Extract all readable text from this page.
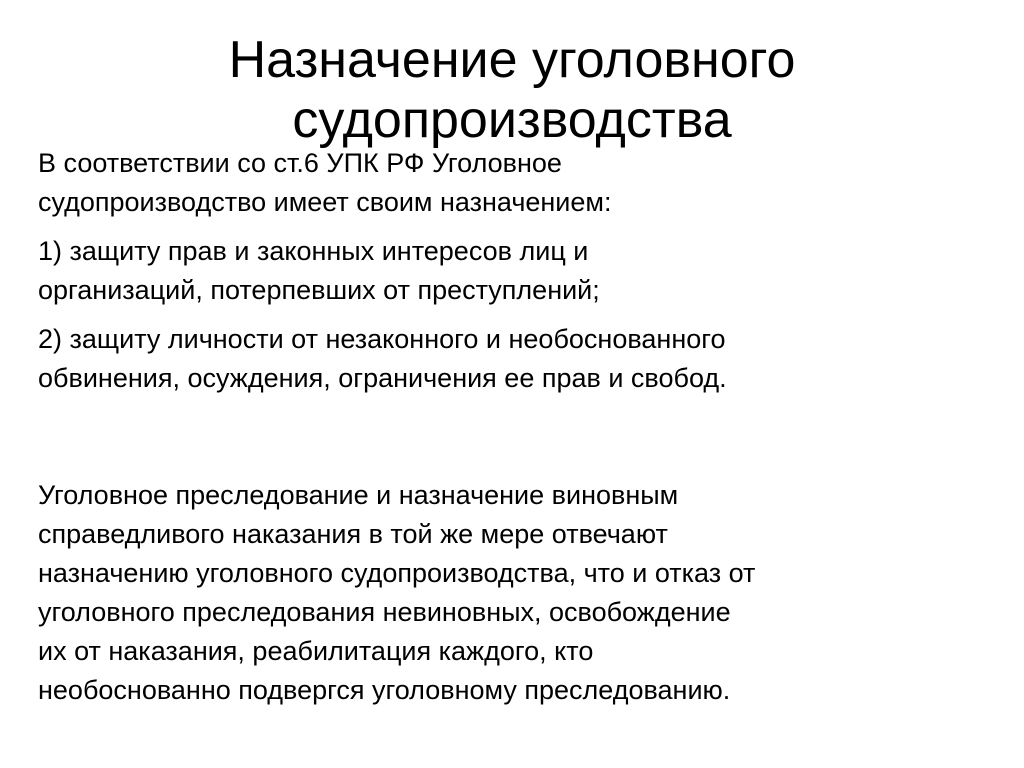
Назначение уголовного
судопроизводства

В соответствии со ст.6 УПК РФ Уголовное
судопроизводство имеет своим назначением:

1) защиту прав и законных интересов лиц и
организаций, потерпевших от преступлений;

2) защиту личности от незаконного и необоснованного
обвинения, осуждения, ограничения ее прав и свобод.

Уголовное преследование и назначение виновным
справедливого наказания в той же мере отвечают
назначению уголовного судопроизводства, что и отказ от
уголовного преследования невиновных, освобождение
их от наказания, реабилитация каждого, кто
необоснованно подвергся уголовному преследованию.
